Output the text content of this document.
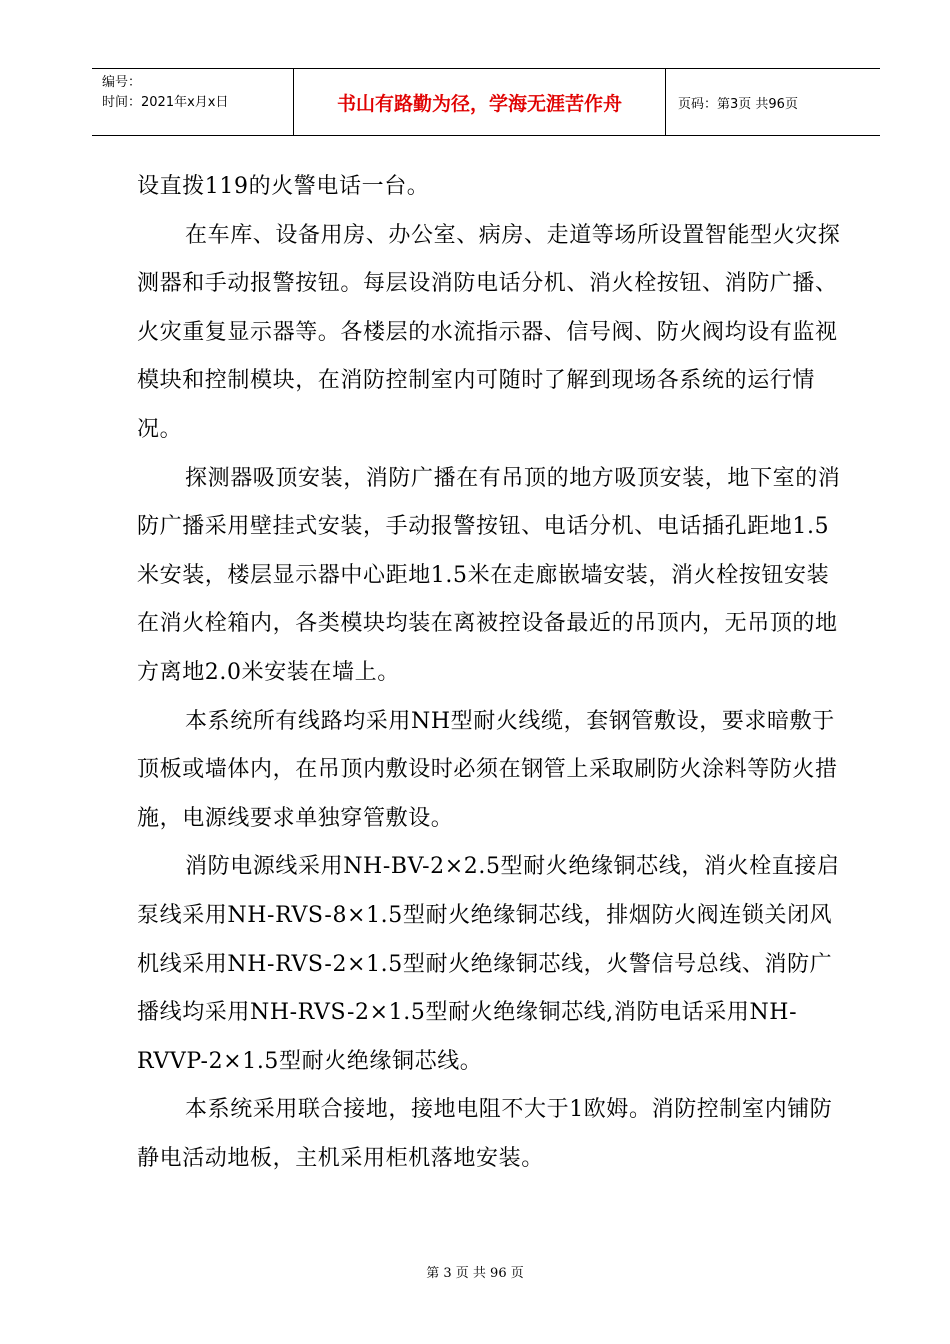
编号：
时间：2021年x月x日	书山有路勤为径，学海无涯苦作舟	页码：第3页 共96页

设直拨119的火警电话一台。

在车库、设备用房、办公室、病房、走道等场所设置智能型火灾探测器和手动报警按钮。每层设消防电话分机、消火栓按钮、消防广播、火灾重复显示器等。各楼层的水流指示器、信号阀、防火阀均设有监视模块和控制模块，在消防控制室内可随时了解到现场各系统的运行情况。

探测器吸顶安装，消防广播在有吊顶的地方吸顶安装，地下室的消防广播采用壁挂式安装，手动报警按钮、电话分机、电话插孔距地1.5米安装，楼层显示器中心距地1.5米在走廊嵌墙安装，消火栓按钮安装在消火栓箱内，各类模块均装在离被控设备最近的吊顶内，无吊顶的地方离地2.0米安装在墙上。

本系统所有线路均采用NH型耐火线缆，套钢管敷设，要求暗敷于顶板或墙体内，在吊顶内敷设时必须在钢管上采取刷防火涂料等防火措施，电源线要求单独穿管敷设。

消防电源线采用NH-BV-2×2.5型耐火绝缘铜芯线，消火栓直接启泵线采用NH-RVS-8×1.5型耐火绝缘铜芯线，排烟防火阀连锁关闭风机线采用NH-RVS-2×1.5型耐火绝缘铜芯线，火警信号总线、消防广播线均采用NH-RVS-2×1.5型耐火绝缘铜芯线,消防电话采用NH-RVVP-2×1.5型耐火绝缘铜芯线。

本系统采用联合接地，接地电阻不大于1欧姆。消防控制室内铺防静电活动地板，主机采用柜机落地安装。

第 3 页 共 96 页
